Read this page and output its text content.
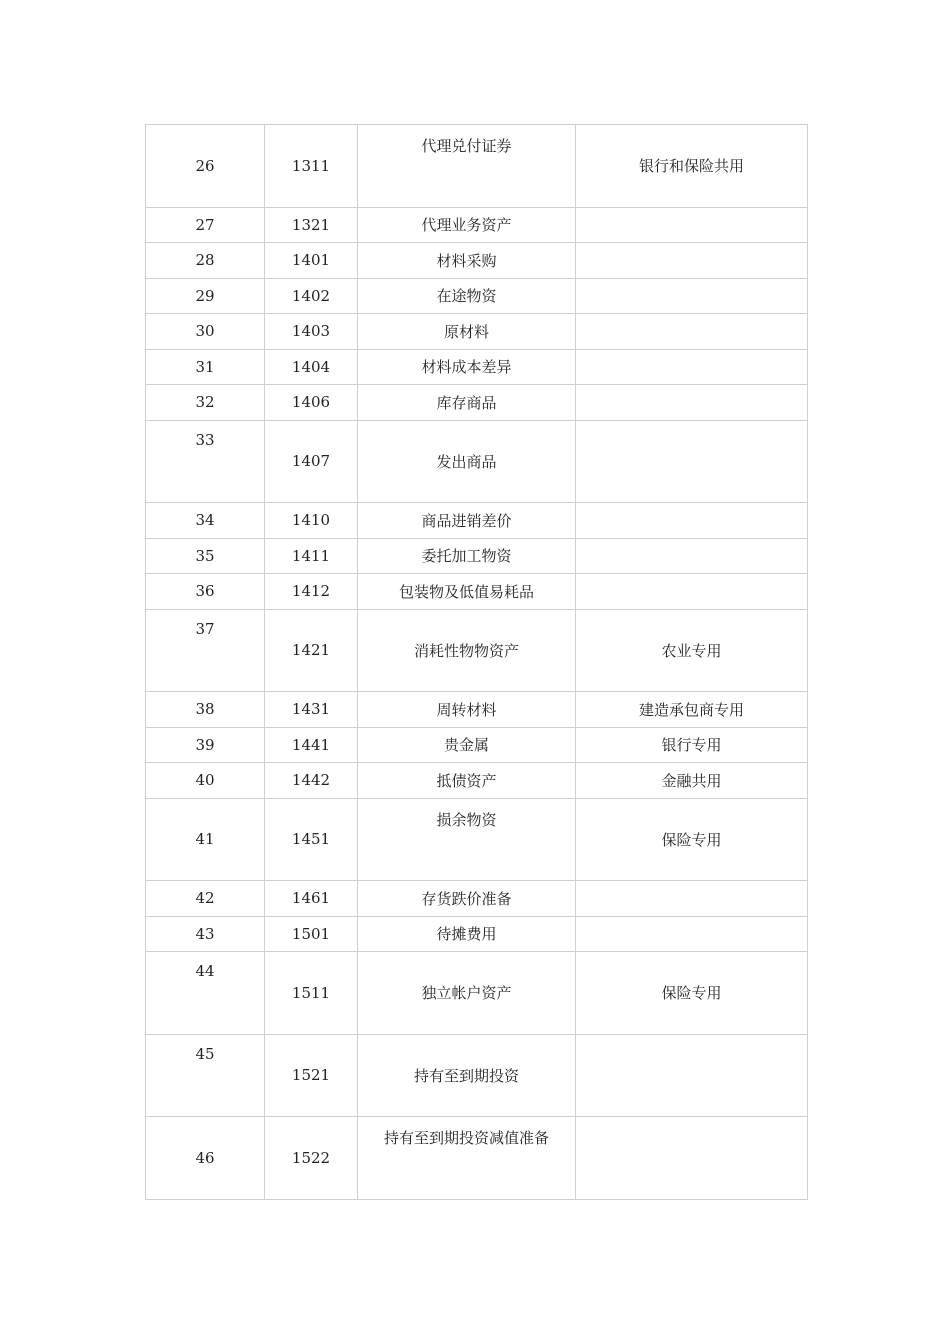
26	1311	代理兑付证券	银行和保险共用
27	1321	代理业务资产	
28	1401	材料采购	
29	1402	在途物资	
30	1403	原材料	
31	1404	材料成本差异	
32	1406	库存商品	

33	1407	发出商品	
34	1410	商品进销差价	
35	1411	委托加工物资	
36	1412	包装物及低值易耗品	

37	1421	消耗性物物资产	农业专用
38	1431	周转材料	建造承包商专用
39	1441	贵金属	银行专用
40	1442	抵债资产	金融共用
41	1451	损余物资	保险专用
42	1461	存货跌价准备	
43	1501	待摊费用	

44	1511	独立帐户资产	保险专用

45	1521	持有至到期投资	
46	1522	持有至到期投资减值准备	
